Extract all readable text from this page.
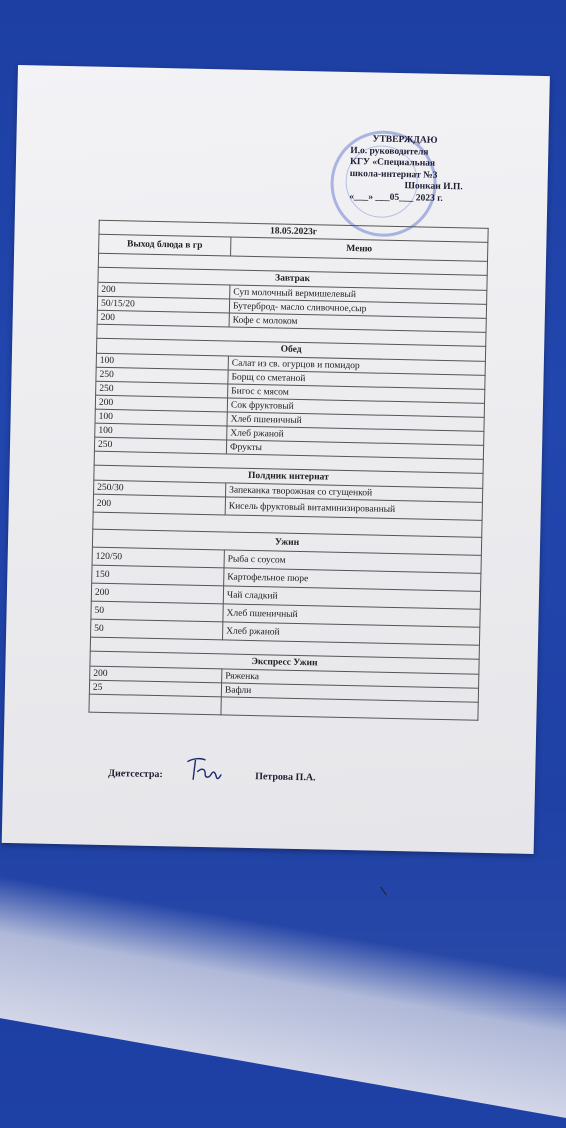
УТВЕРЖДАЮ
И.о. руководителя
КГУ «Специальная
школа-интернат №3
Шонкаи И.П.
«___» ___05___ 2023 г.
18.05.2023г	
Выход блюда в гр	Меню

Завтрак	
200	Суп молочный вермишелевый
50/15/20	Бутерброд- масло сливочное,сыр
200	Кофе с молоком

Обед	
100	Салат из св. огурцов и помидор
250	Борщ со сметаной
250	Бигос с мясом
200	Сок фруктовый
100	Хлеб пшеничный
100	Хлеб ржаной
250	Фрукты

Полдник интернат	
250/30	Запеканка творожная со сгущенкой
200	Кисель фруктовый витаминизированный

Ужин	
120/50	Рыба с соусом
150	Картофельное пюре
200	Чай сладкий
50	Хлеб пшеничный
50	Хлеб ржаной

Экспресс Ужин	
200	Ряженка
25	Вафли

Диетсестра:	Петрова П.А.
